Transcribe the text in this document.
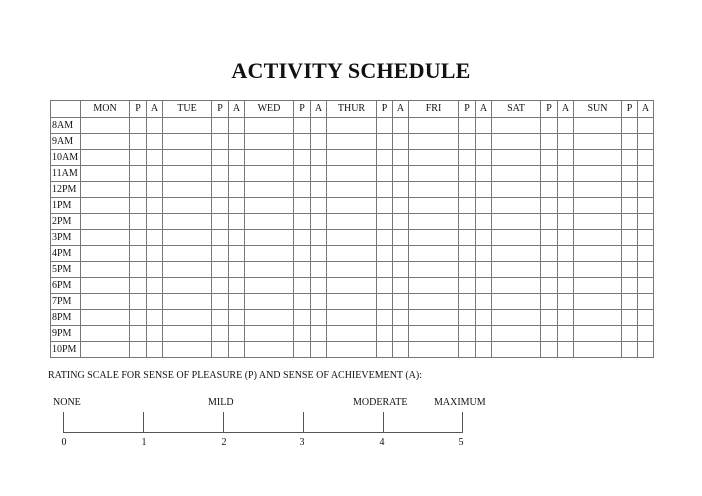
ACTIVITY SCHEDULE
	MON	P	A	TUE	P	A	WED	P	A	THUR	P	A	FRI	P	A	SAT	P	A	SUN	P	A
8AM																					
9AM																					
10AM																					
11AM																					
12PM																					
1PM																					
2PM																					
3PM																					
4PM																					
5PM																					
6PM																					
7PM																					
8PM																					
9PM																					
10PM																					
RATING SCALE FOR SENSE OF PLEASURE (P) AND SENSE OF ACHIEVEMENT (A):
NONE	MILD	MODERATE	MAXIMUM
0	1	2	3	4	5
